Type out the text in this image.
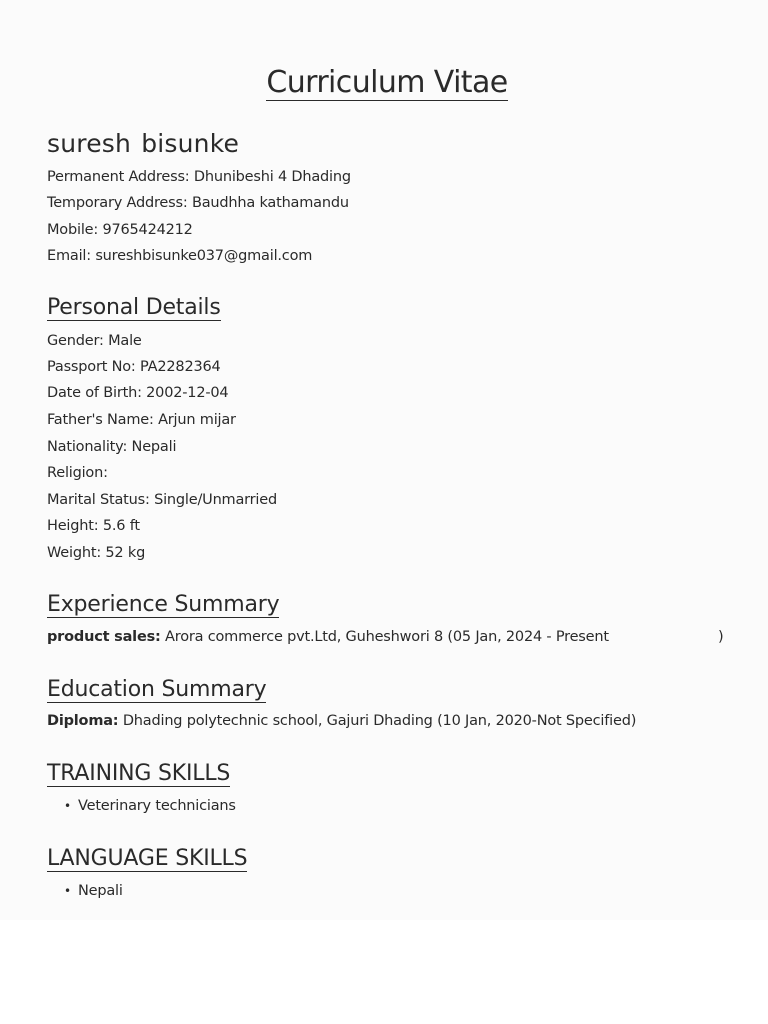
Curriculum Vitae
suresh bisunke
Permanent Address: Dhunibeshi 4 Dhading
Temporary Address: Baudhha kathamandu
Mobile: 9765424212
Email: sureshbisunke037@gmail.com
Personal Details
Gender: Male
Passport No: PA2282364
Date of Birth: 2002-12-04
Father's Name: Arjun mijar
Nationality: Nepali
Religion:
Marital Status: Single/Unmarried
Height: 5.6 ft
Weight: 52 kg
Experience Summary
product sales: Arora commerce pvt.Ltd, Guheshwori 8 (05 Jan, 2024 - Present	)
Education Summary
Diploma: Dhading polytechnic school, Gajuri Dhading (10 Jan, 2020-Not Specified)
TRAINING SKILLS
• Veterinary technicians
LANGUAGE SKILLS
• Nepali
